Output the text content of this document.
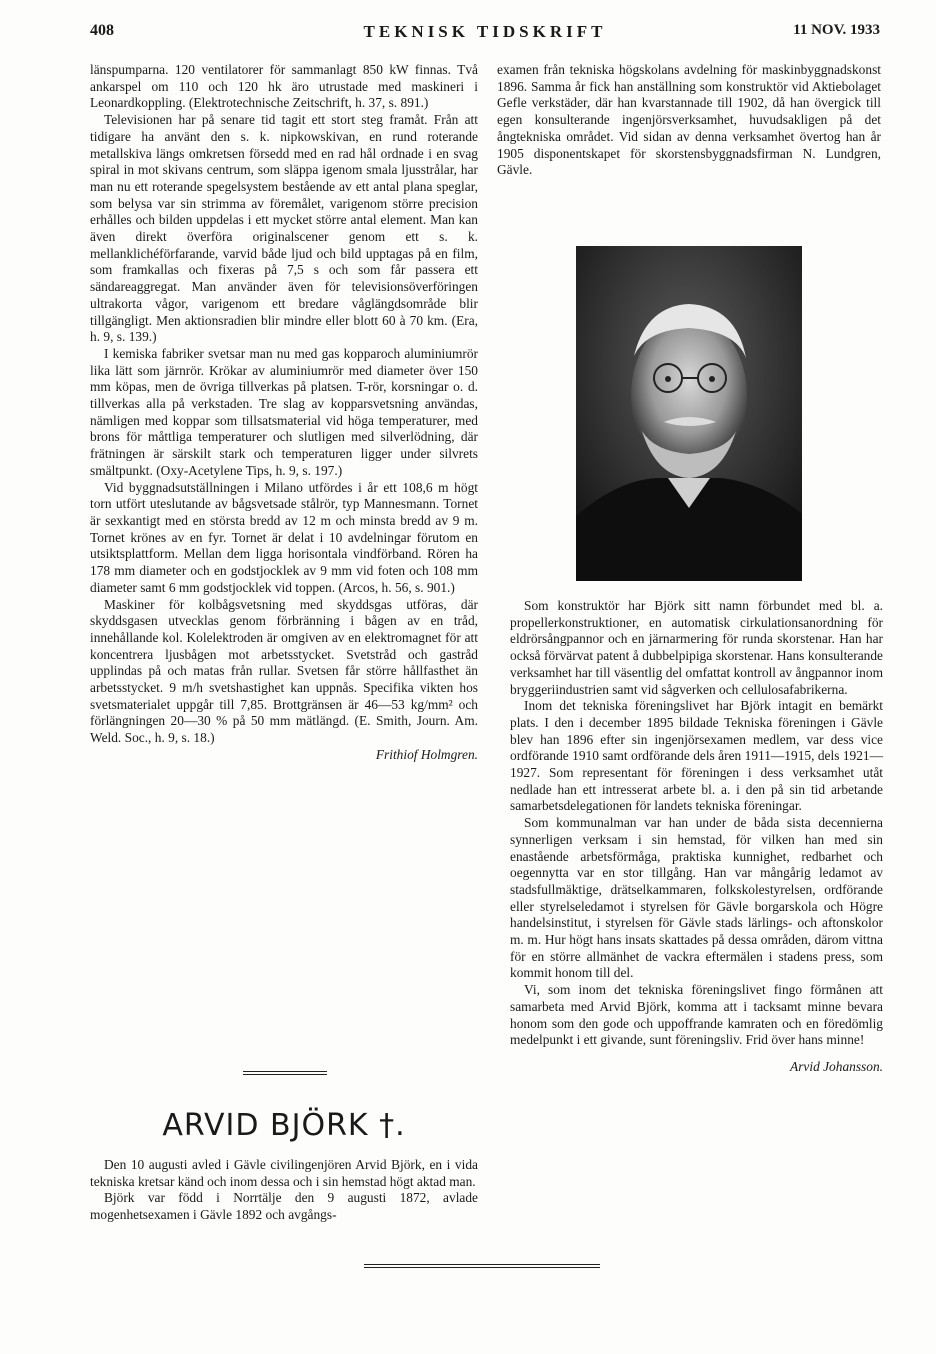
408	TEKNISK TIDSKRIFT	11 NOV. 1933

länspumparna. 120 ventilatorer för sammanlagt 850 kW finnas. Två ankarspel om 110 och 120 hk äro utrustade med maskineri i Leonardkoppling. (Elektrotechnische Zeitschrift, h. 37, s. 891.)

Televisionen har på senare tid tagit ett stort steg framåt. Från att tidigare ha använt den s. k. nipkowskivan, en rund roterande metallskiva längs omkretsen försedd med en rad hål ordnade i en svag spiral in mot skivans centrum, som släppa igenom smala ljusstrålar, har man nu ett roterande spegelsystem bestående av ett antal plana speglar, som belysa var sin strimma av föremålet, varigenom större precision erhålles och bilden uppdelas i ett mycket större antal element. Man kan även direkt överföra originalscener genom ett s. k. mellanklichéförfarande, varvid både ljud och bild upptagas på en film, som framkallas och fixeras på 7,5 s och som får passera ett sändareaggregat. Man använder även för televisionsöverföringen ultrakorta vågor, varigenom ett bredare våglängdsområde blir tillgängligt. Men aktionsradien blir mindre eller blott 60 à 70 km. (Era, h. 9, s. 139.)

I kemiska fabriker svetsar man nu med gas kopparoch aluminiumrör lika lätt som järnrör. Krökar av aluminiumrör med diameter över 150 mm köpas, men de övriga tillverkas på platsen. T-rör, korsningar o. d. tillverkas alla på verkstaden. Tre slag av kopparsvetsning användas, nämligen med koppar som tillsatsmaterial vid höga temperaturer, med brons för måttliga temperaturer och slutligen med silverlödning, där frätningen är särskilt stark och temperaturen ligger under silvrets smältpunkt. (Oxy-Acetylene Tips, h. 9, s. 197.)

Vid byggnadsutställningen i Milano utfördes i år ett 108,6 m högt torn utfört uteslutande av bågsvetsade stålrör, typ Mannesmann. Tornet är sexkantigt med en största bredd av 12 m och minsta bredd av 9 m. Tornet krönes av en fyr. Tornet är delat i 10 avdelningar förutom en utsiktsplattform. Mellan dem ligga horisontala vindförband. Rören ha 178 mm diameter och en godstjocklek av 9 mm vid foten och 108 mm diameter samt 6 mm godstjocklek vid toppen. (Arcos, h. 56, s. 901.)

Maskiner för kolbågsvetsning med skyddsgas utföras, där skyddsgasen utvecklas genom förbränning i bågen av en tråd, innehållande kol. Kolelektroden är omgiven av en elektromagnet för att koncentrera ljusbågen mot arbetsstycket. Svetstråd och gastråd upplindas på och matas från rullar. Svetsen får större hållfasthet än arbetsstycket. 9 m/h svetshastighet kan uppnås. Specifika vikten hos svetsmaterialet uppgår till 7,85. Brottgränsen är 46—53 kg/mm² och förlängningen 20—30 % på 50 mm mätlängd. (E. Smith, Journ. Am. Weld. Soc., h. 9, s. 18.)

Frithiof Holmgren.

ARVID BJÖRK †.

Den 10 augusti avled i Gävle civilingenjören Arvid Björk, en i vida tekniska kretsar känd och inom dessa och i sin hemstad högt aktad man.

Björk var född i Norrtälje den 9 augusti 1872, avlade mogenhetsexamen i Gävle 1892 och avgångs-

examen från tekniska högskolans avdelning för maskinbyggnadskonst 1896. Samma år fick han anställning som konstruktör vid Aktiebolaget Gefle verkstäder, där han kvarstannade till 1902, då han övergick till egen konsulterande ingenjörsverksamhet, huvudsakligen på det ångtekniska området. Vid sidan av denna verksamhet övertog han år 1905 disponentskapet för skorstensbyggnadsfirman N. Lundgren, Gävle.

Som konstruktör har Björk sitt namn förbundet med bl. a. propellerkonstruktioner, en automatisk cirkulationsanordning för eldrörsångpannor och en järnarmering för runda skorstenar. Han har också förvärvat patent å dubbelpipiga skorstenar. Hans konsulterande verksamhet har till väsentlig del omfattat kontroll av ångpannor inom bryggeriindustrien samt vid sågverken och cellulosafabrikerna.

Inom det tekniska föreningslivet har Björk intagit en bemärkt plats. I den i december 1895 bildade Tekniska föreningen i Gävle blev han 1896 efter sin ingenjörsexamen medlem, var dess vice ordförande 1910 samt ordförande dels åren 1911—1915, dels 1921—1927. Som representant för föreningen i dess verksamhet utåt nedlade han ett intresserat arbete bl. a. i den på sin tid arbetande samarbetsdelegationen för landets tekniska föreningar.

Som kommunalman var han under de båda sista decennierna synnerligen verksam i sin hemstad, för vilken han med sin enastående arbetsförmåga, praktiska kunnighet, redbarhet och oegennytta var en stor tillgång. Han var mångårig ledamot av stadsfullmäktige, drätselkammaren, folkskolestyrelsen, ordförande eller styrelseledamot i styrelsen för Gävle borgarskola och Högre handelsinstitut, i styrelsen för Gävle stads lärlings- och aftonskolor m. m. Hur högt hans insats skattades på dessa områden, därom vittna för en större allmänhet de vackra eftermälen i stadens press, som kommit honom till del.

Vi, som inom det tekniska föreningslivet fingo förmånen att samarbeta med Arvid Björk, komma att i tacksamt minne bevara honom som den gode och uppoffrande kamraten och en föredömlig medelpunkt i ett givande, sunt föreningsliv. Frid över hans minne!

Arvid Johansson.
